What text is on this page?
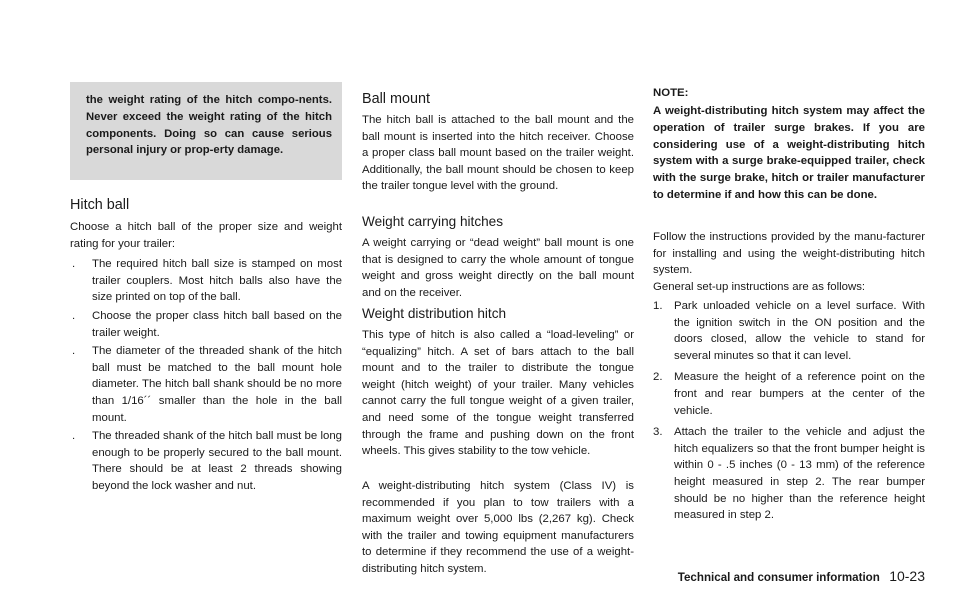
the weight rating of the hitch compo-nents. Never exceed the weight rating of the hitch components. Doing so can cause serious personal injury or prop-erty damage.

Hitch ball

Choose a hitch ball of the proper size and weight rating for your trailer:

. The required hitch ball size is stamped on most trailer couplers. Most hitch balls also have the size printed on top of the ball.

. Choose the proper class hitch ball based on the trailer weight.

. The diameter of the threaded shank of the hitch ball must be matched to the ball mount hole diameter. The hitch ball shank should be no more than 1/16´´ smaller than the hole in the ball mount.

. The threaded shank of the hitch ball must be long enough to be properly secured to the ball mount. There should be at least 2 threads showing beyond the lock washer and nut.

Ball mount

The hitch ball is attached to the ball mount and the ball mount is inserted into the hitch receiver. Choose a proper class ball mount based on the trailer weight. Additionally, the ball mount should be chosen to keep the trailer tongue level with the ground.

Weight carrying hitches

A weight carrying or “dead weight” ball mount is one that is designed to carry the whole amount of tongue weight and gross weight directly on the ball mount and on the receiver.

Weight distribution hitch

This type of hitch is also called a “load-leveling” or “equalizing” hitch. A set of bars attach to the ball mount and to the trailer to distribute the tongue weight (hitch weight) of your trailer. Many vehicles cannot carry the full tongue weight of a given trailer, and need some of the tongue weight transferred through the frame and pushing down on the front wheels. This gives stability to the tow vehicle.

A weight-distributing hitch system (Class IV) is recommended if you plan to tow trailers with a maximum weight over 5,000 lbs (2,267 kg). Check with the trailer and towing equipment manufacturers to determine if they recommend the use of a weight-distributing hitch system.

NOTE:

A weight-distributing hitch system may affect the operation of trailer surge brakes. If you are considering use of a weight-distributing hitch system with a surge brake-equipped trailer, check with the surge brake, hitch or trailer manufacturer to determine if and how this can be done.

Follow the instructions provided by the manu-facturer for installing and using the weight-distributing hitch system.

General set-up instructions are as follows:

1. Park unloaded vehicle on a level surface. With the ignition switch in the ON position and the doors closed, allow the vehicle to stand for several minutes so that it can level.

2. Measure the height of a reference point on the front and rear bumpers at the center of the vehicle.

3. Attach the trailer to the vehicle and adjust the hitch equalizers so that the front bumper height is within 0 - .5 inches (0 - 13 mm) of the reference height measured in step 2. The rear bumper should be no higher than the reference height measured in step 2.

Technical and consumer information 10-23
